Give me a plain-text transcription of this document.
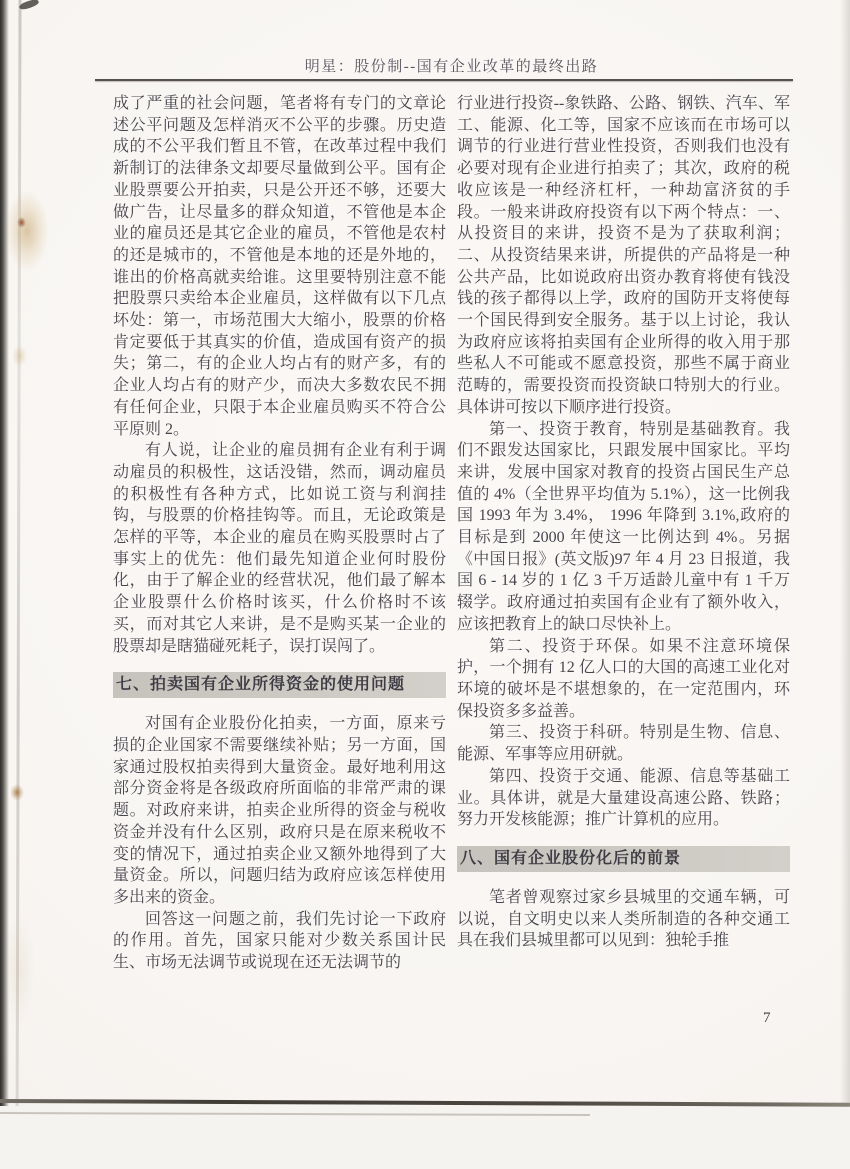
明星：股份制--国有企业改革的最终出路

成了严重的社会问题，笔者将有专门的文章论述公平问题及怎样消灭不公平的步骤。历史造成的不公平我们暂且不管，在改革过程中我们新制订的法律条文却要尽量做到公平。国有企业股票要公开拍卖，只是公开还不够，还要大做广告，让尽量多的群众知道，不管他是本企业的雇员还是其它企业的雇员，不管他是农村的还是城市的，不管他是本地的还是外地的，谁出的价格高就卖给谁。这里要特别注意不能把股票只卖给本企业雇员，这样做有以下几点坏处：第一，市场范围大大缩小，股票的价格肯定要低于其真实的价值，造成国有资产的损失；第二，有的企业人均占有的财产多，有的企业人均占有的财产少，而决大多数农民不拥有任何企业，只限于本企业雇员购买不符合公平原则 2。

有人说，让企业的雇员拥有企业有利于调动雇员的积极性，这话没错，然而，调动雇员的积极性有各种方式，比如说工资与利润挂钩，与股票的价格挂钩等。而且，无论政策是怎样的平等，本企业的雇员在购买股票时占了事实上的优先：他们最先知道企业何时股份化，由于了解企业的经营状况，他们最了解本企业股票什么价格时该买，什么价格时不该买，而对其它人来讲，是不是购买某一企业的股票却是瞎猫碰死耗子，误打误闯了。

七、拍卖国有企业所得资金的使用问题

对国有企业股份化拍卖，一方面，原来亏损的企业国家不需要继续补贴；另一方面，国家通过股权拍卖得到大量资金。最好地利用这部分资金将是各级政府所面临的非常严肃的课题。对政府来讲，拍卖企业所得的资金与税收资金并没有什么区别，政府只是在原来税收不变的情况下，通过拍卖企业又额外地得到了大量资金。所以，问题归结为政府应该怎样使用多出来的资金。

回答这一问题之前，我们先讨论一下政府的作用。首先，国家只能对少数关系国计民生、市场无法调节或说现在还无法调节的

行业进行投资--象铁路、公路、钢铁、汽车、军工、能源、化工等，国家不应该而在市场可以调节的行业进行营业性投资，否则我们也没有必要对现有企业进行拍卖了；其次，政府的税收应该是一种经济杠杆，一种劫富济贫的手段。一般来讲政府投资有以下两个特点：一、从投资目的来讲，投资不是为了获取利润；二、从投资结果来讲，所提供的产品将是一种公共产品，比如说政府出资办教育将使有钱没钱的孩子都得以上学，政府的国防开支将使每一个国民得到安全服务。基于以上讨论，我认为政府应该将拍卖国有企业所得的收入用于那些私人不可能或不愿意投资，那些不属于商业范畴的，需要投资而投资缺口特别大的行业。具体讲可按以下顺序进行投资。

第一、投资于教育，特别是基础教育。我们不跟发达国家比，只跟发展中国家比。平均来讲，发展中国家对教育的投资占国民生产总值的 4%（全世界平均值为 5.1%），这一比例我国 1993 年为 3.4%， 1996 年降到 3.1%,政府的目标是到 2000 年使这一比例达到 4%。另据《中国日报》(英文版)97 年 4 月 23 日报道，我国 6 - 14 岁的 1 亿 3 千万适龄儿童中有 1 千万辍学。政府通过拍卖国有企业有了额外收入，应该把教育上的缺口尽快补上。

第二、投资于环保。如果不注意环境保护，一个拥有 12 亿人口的大国的高速工业化对环境的破坏是不堪想象的，在一定范围内，环保投资多多益善。

第三、投资于科研。特别是生物、信息、能源、军事等应用研就。

第四、投资于交通、能源、信息等基础工业。具体讲，就是大量建设高速公路、铁路；努力开发核能源；推广计算机的应用。

八、国有企业股份化后的前景

笔者曾观察过家乡县城里的交通车辆，可以说，自文明史以来人类所制造的各种交通工具在我们县城里都可以见到：独轮手推

7
